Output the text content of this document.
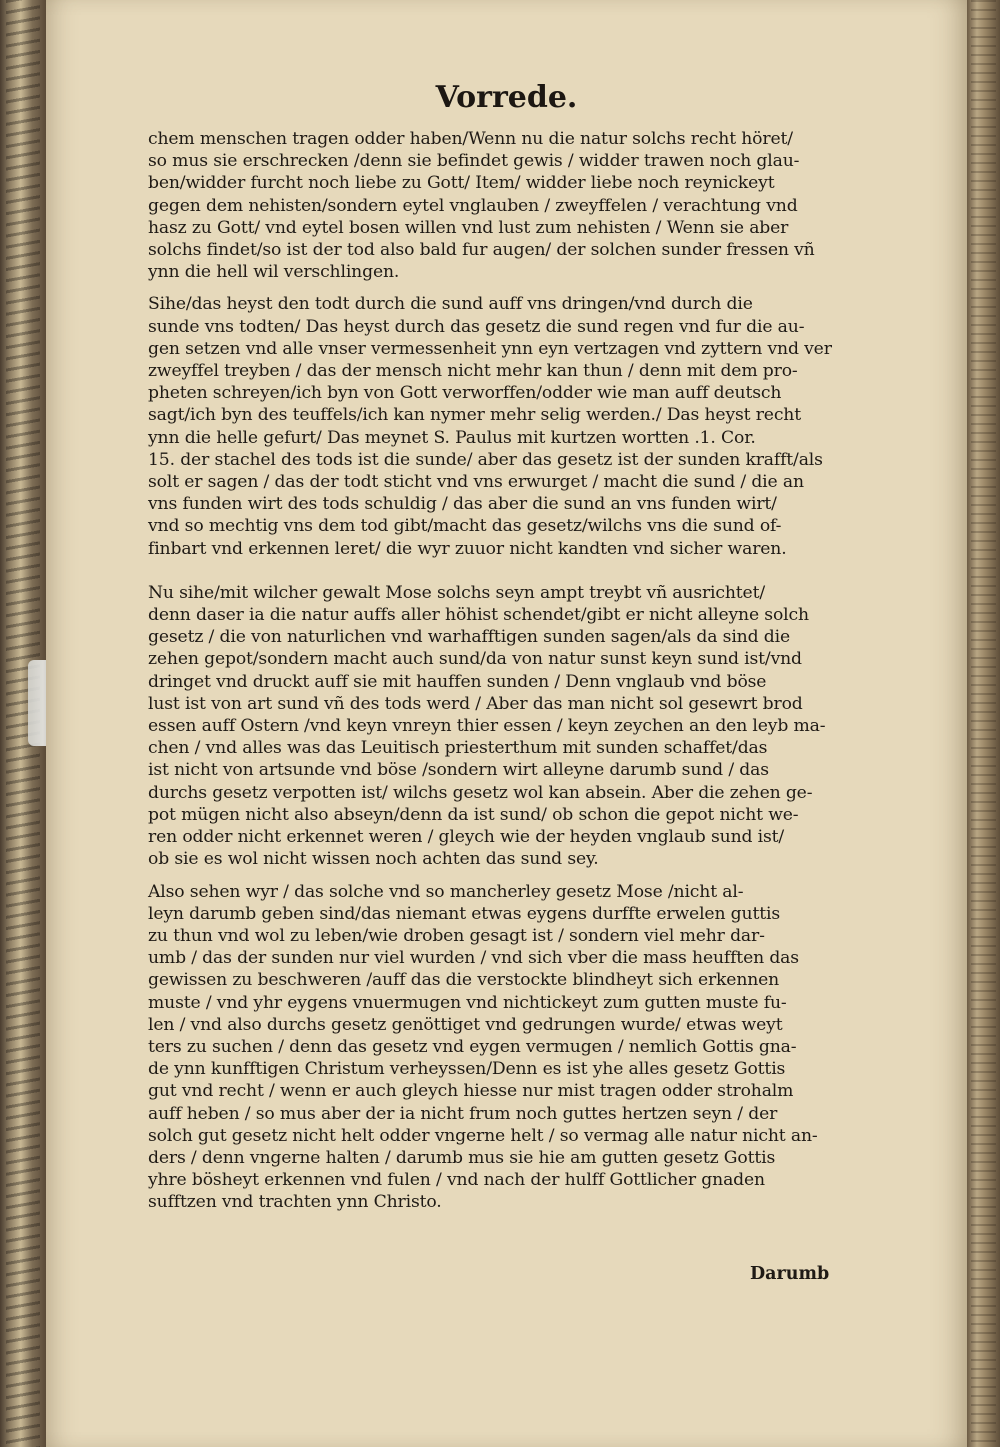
Vorrede.

chem menschen tragen odder haben/Wenn nu die natur solchs recht höret/
so mus sie erschrecken /denn sie befindet gewis / widder trawen noch glau-
ben/widder furcht noch liebe zu Gott/ Item/ widder liebe noch reynickeyt
gegen dem nehisten/sondern eytel vnglauben / zweyffelen / verachtung vnd
hasz zu Gott/ vnd eytel bosen willen vnd lust zum nehisten / Wenn sie aber
solchs findet/so ist der tod also bald fur augen/ der solchen sunder fressen vñ
ynn die hell wil verschlingen.

Sihe/das heyst den todt durch die sund auff vns dringen/vnd durch die
sunde vns todten/ Das heyst durch das gesetz die sund regen vnd fur die au-
gen setzen vnd alle vnser vermessenheit ynn eyn vertzagen vnd zyttern vnd ver
zweyffel treyben / das der mensch nicht mehr kan thun / denn mit dem pro-
pheten schreyen/ich byn von Gott verworffen/odder wie man auff deutsch
sagt/ich byn des teuffels/ich kan nymer mehr selig werden./ Das heyst recht
ynn die helle gefurt/ Das meynet S. Paulus mit kurtzen wortten .1. Cor.
15. der stachel des tods ist die sunde/ aber das gesetz ist der sunden krafft/als
solt er sagen / das der todt sticht vnd vns erwurget / macht die sund / die an
vns funden wirt des tods schuldig / das aber die sund an vns funden wirt/
vnd so mechtig vns dem tod gibt/macht das gesetz/wilchs vns die sund of-
finbart vnd erkennen leret/ die wyr zuuor nicht kandten vnd sicher waren.

Nu sihe/mit wilcher gewalt Mose solchs seyn ampt treybt vñ ausrichtet/
denn daser ia die natur auffs aller höhist schendet/gibt er nicht alleyne solch
gesetz / die von naturlichen vnd warhafftigen sunden sagen/als da sind die
zehen gepot/sondern macht auch sund/da von natur sunst keyn sund ist/vnd
dringet vnd druckt auff sie mit hauffen sunden / Denn vnglaub vnd böse
lust ist von art sund vñ des tods werd / Aber das man nicht sol gesewrt brod
essen auff Ostern /vnd keyn vnreyn thier essen / keyn zeychen an den leyb ma-
chen / vnd alles was das Leuitisch priesterthum mit sunden schaffet/das
ist nicht von artsunde vnd böse /sondern wirt alleyne darumb sund / das
durchs gesetz verpotten ist/ wilchs gesetz wol kan absein. Aber die zehen ge-
pot mügen nicht also abseyn/denn da ist sund/ ob schon die gepot nicht we-
ren odder nicht erkennet weren / gleych wie der heyden vnglaub sund ist/
ob sie es wol nicht wissen noch achten das sund sey.

Also sehen wyr / das solche vnd so mancherley gesetz Mose /nicht al-
leyn darumb geben sind/das niemant etwas eygens durffte erwelen guttis
zu thun vnd wol zu leben/wie droben gesagt ist / sondern viel mehr dar-
umb / das der sunden nur viel wurden / vnd sich vber die mass heufften das
gewissen zu beschweren /auff das die verstockte blindheyt sich erkennen
muste / vnd yhr eygens vnuermugen vnd nichtickeyt zum gutten muste fu-
len / vnd also durchs gesetz genöttiget vnd gedrungen wurde/ etwas weyt
ters zu suchen / denn das gesetz vnd eygen vermugen / nemlich Gottis gna-
de ynn kunfftigen Christum verheyssen/Denn es ist yhe alles gesetz Gottis
gut vnd recht / wenn er auch gleych hiesse nur mist tragen odder strohalm
auff heben / so mus aber der ia nicht frum noch guttes hertzen seyn / der
solch gut gesetz nicht helt odder vngerne helt / so vermag alle natur nicht an-
ders / denn vngerne halten / darumb mus sie hie am gutten gesetz Gottis
yhre bösheyt erkennen vnd fulen / vnd nach der hulff Gottlicher gnaden
sufftzen vnd trachten ynn Christo.

Darumb
